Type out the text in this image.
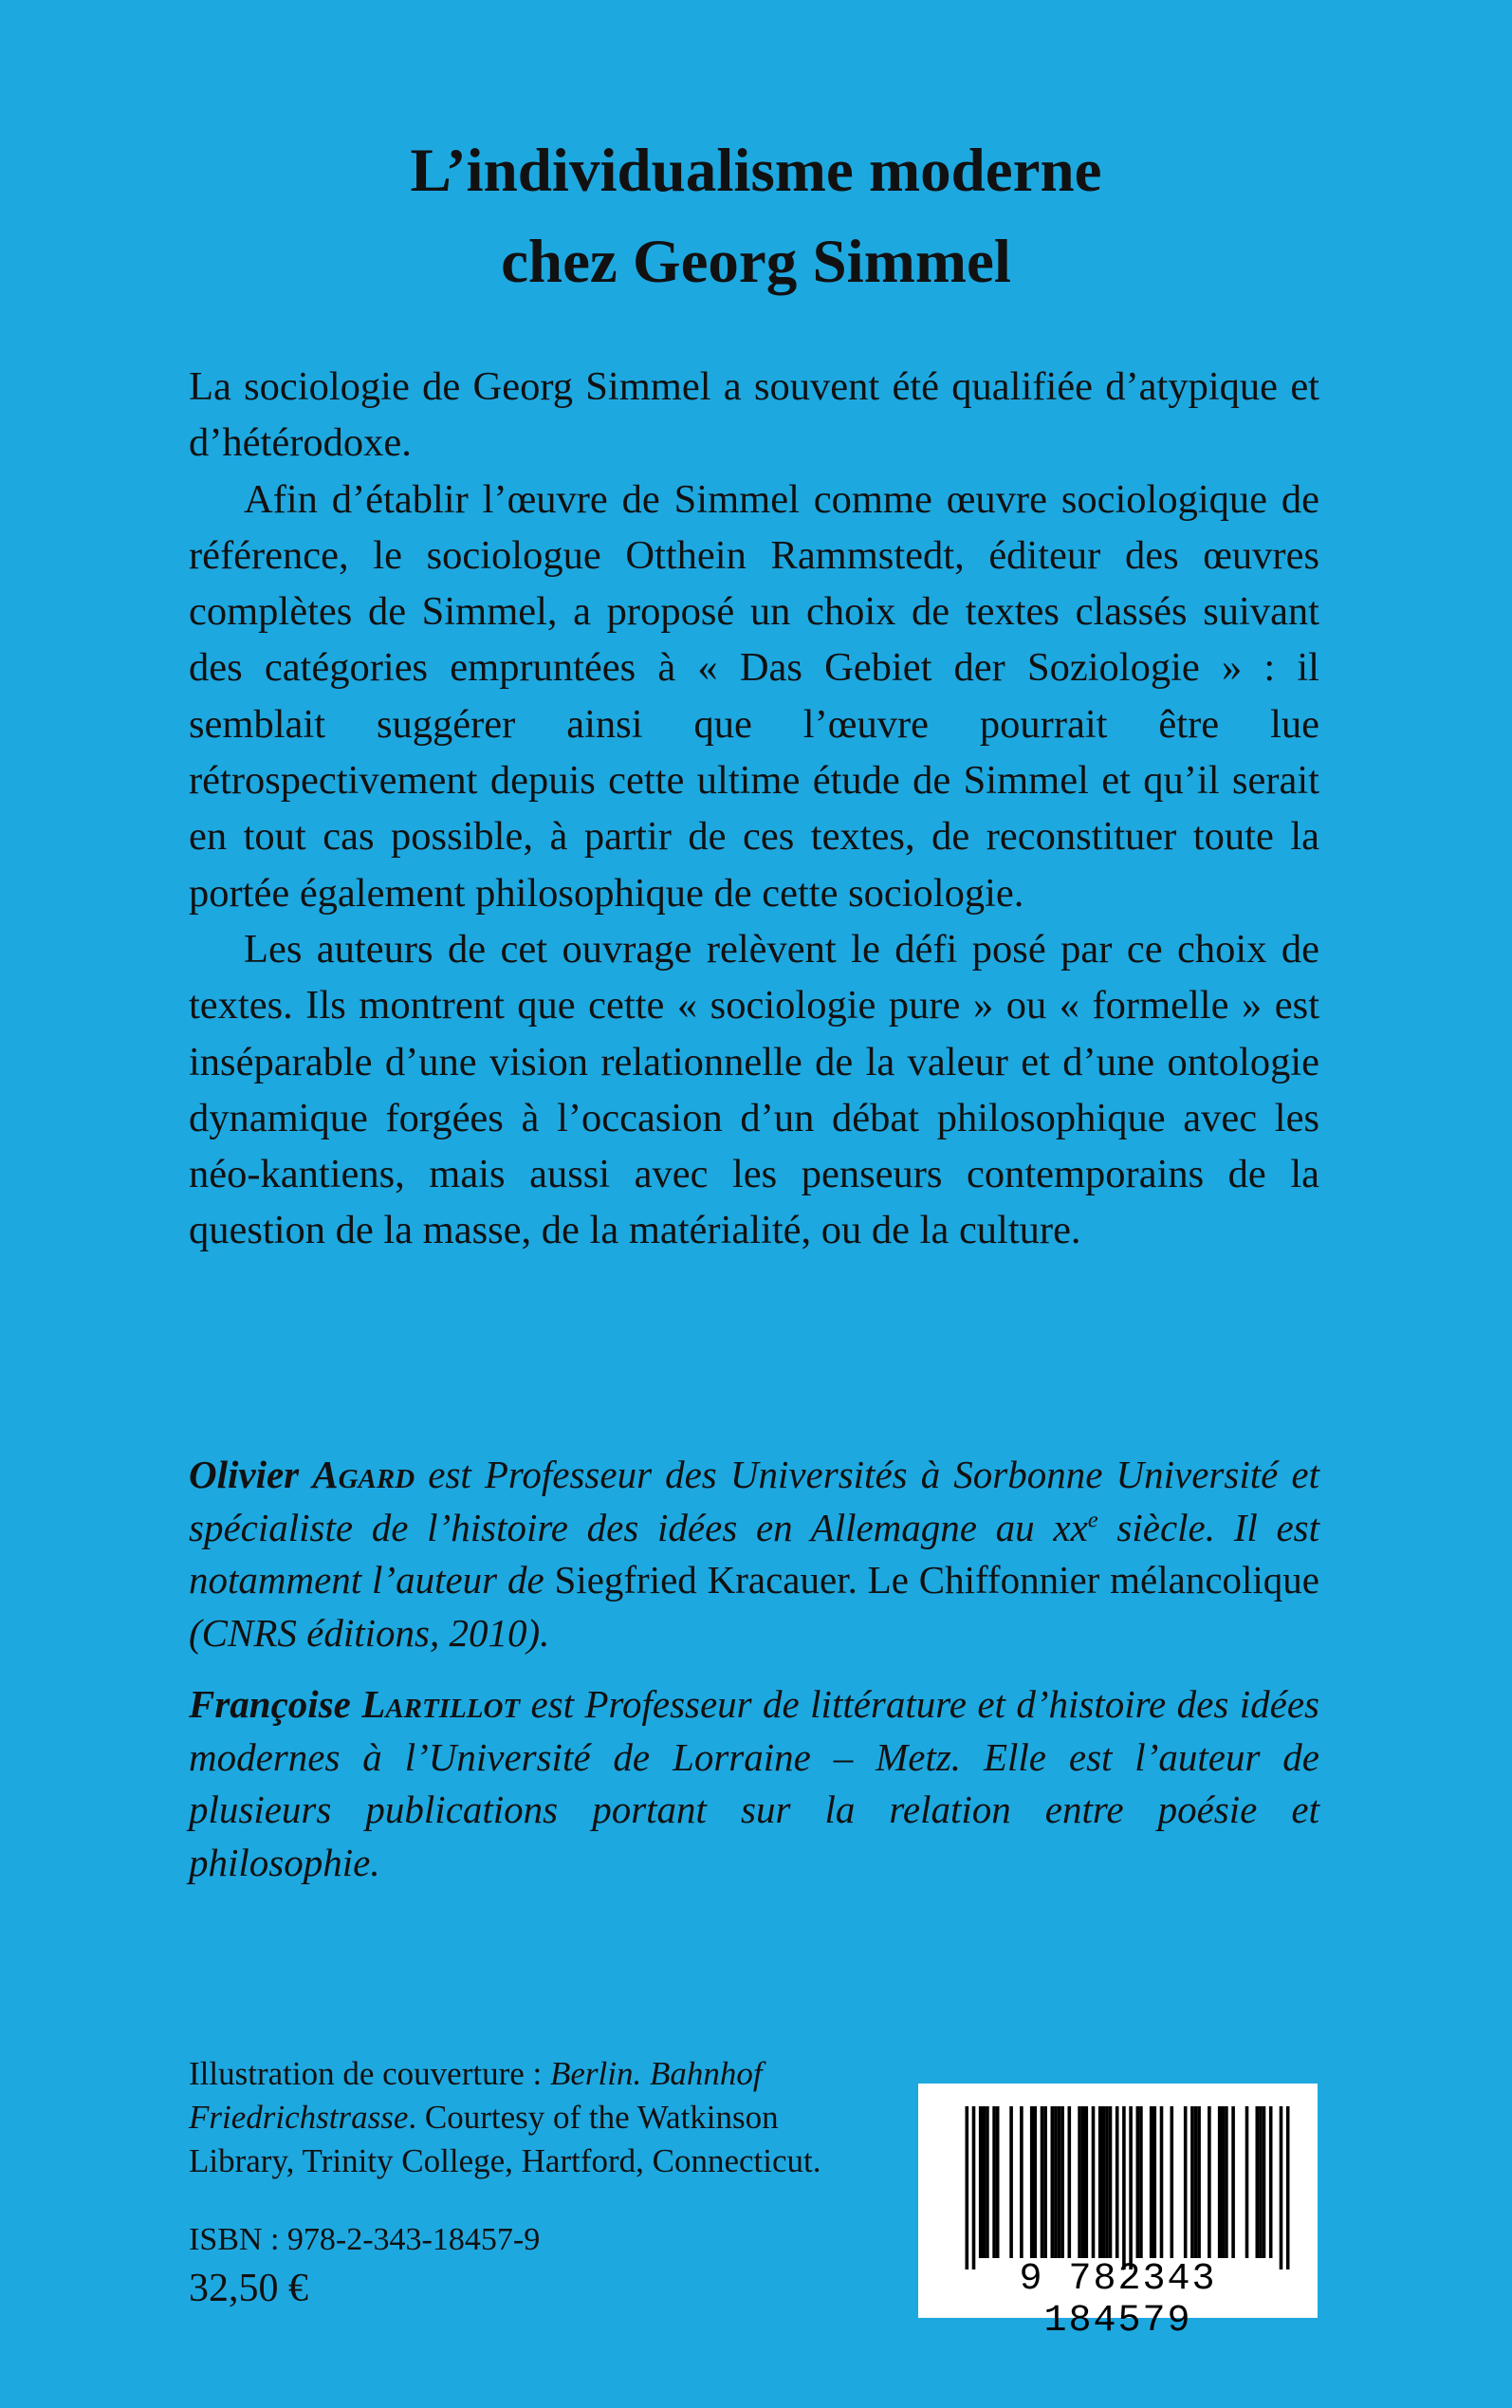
L’individualisme moderne
chez Georg Simmel

La sociologie de Georg Simmel a souvent été qualifiée d’atypique et d’hétérodoxe.

Afin d’établir l’œuvre de Simmel comme œuvre sociologique de référence, le sociologue Otthein Rammstedt, éditeur des œuvres complètes de Simmel, a proposé un choix de textes classés suivant des catégories empruntées à « Das Gebiet der Soziologie » : il semblait suggérer ainsi que l’œuvre pourrait être lue rétrospectivement depuis cette ultime étude de Simmel et qu’il serait en tout cas possible, à partir de ces textes, de reconstituer toute la portée également philosophique de cette sociologie.

Les auteurs de cet ouvrage relèvent le défi posé par ce choix de textes. Ils montrent que cette « sociologie pure » ou « formelle » est inséparable d’une vision relationnelle de la valeur et d’une ontologie dynamique forgées à l’occasion d’un débat philosophique avec les néo-kantiens, mais aussi avec les penseurs contemporains de la question de la masse, de la matérialité, ou de la culture.

Olivier Agard est Professeur des Universités à Sorbonne Université et spécialiste de l’histoire des idées en Allemagne au $xx^e$ siècle. Il est notamment l’auteur de Siegfried Kracauer. Le Chiffonnier mélancolique (CNRS éditions, 2010).

Françoise Lartillot est Professeur de littérature et d’histoire des idées modernes à l’Université de Lorraine – Metz. Elle est l’auteur de plusieurs publications portant sur la relation entre poésie et philosophie.

Illustration de couverture : Berlin. Bahnhof Friedrichstrasse. Courtesy of the Watkinson Library, Trinity College, Hartford, Connecticut.

ISBN : 978-2-343-18457-9
32,50 €	9 782343 184579
